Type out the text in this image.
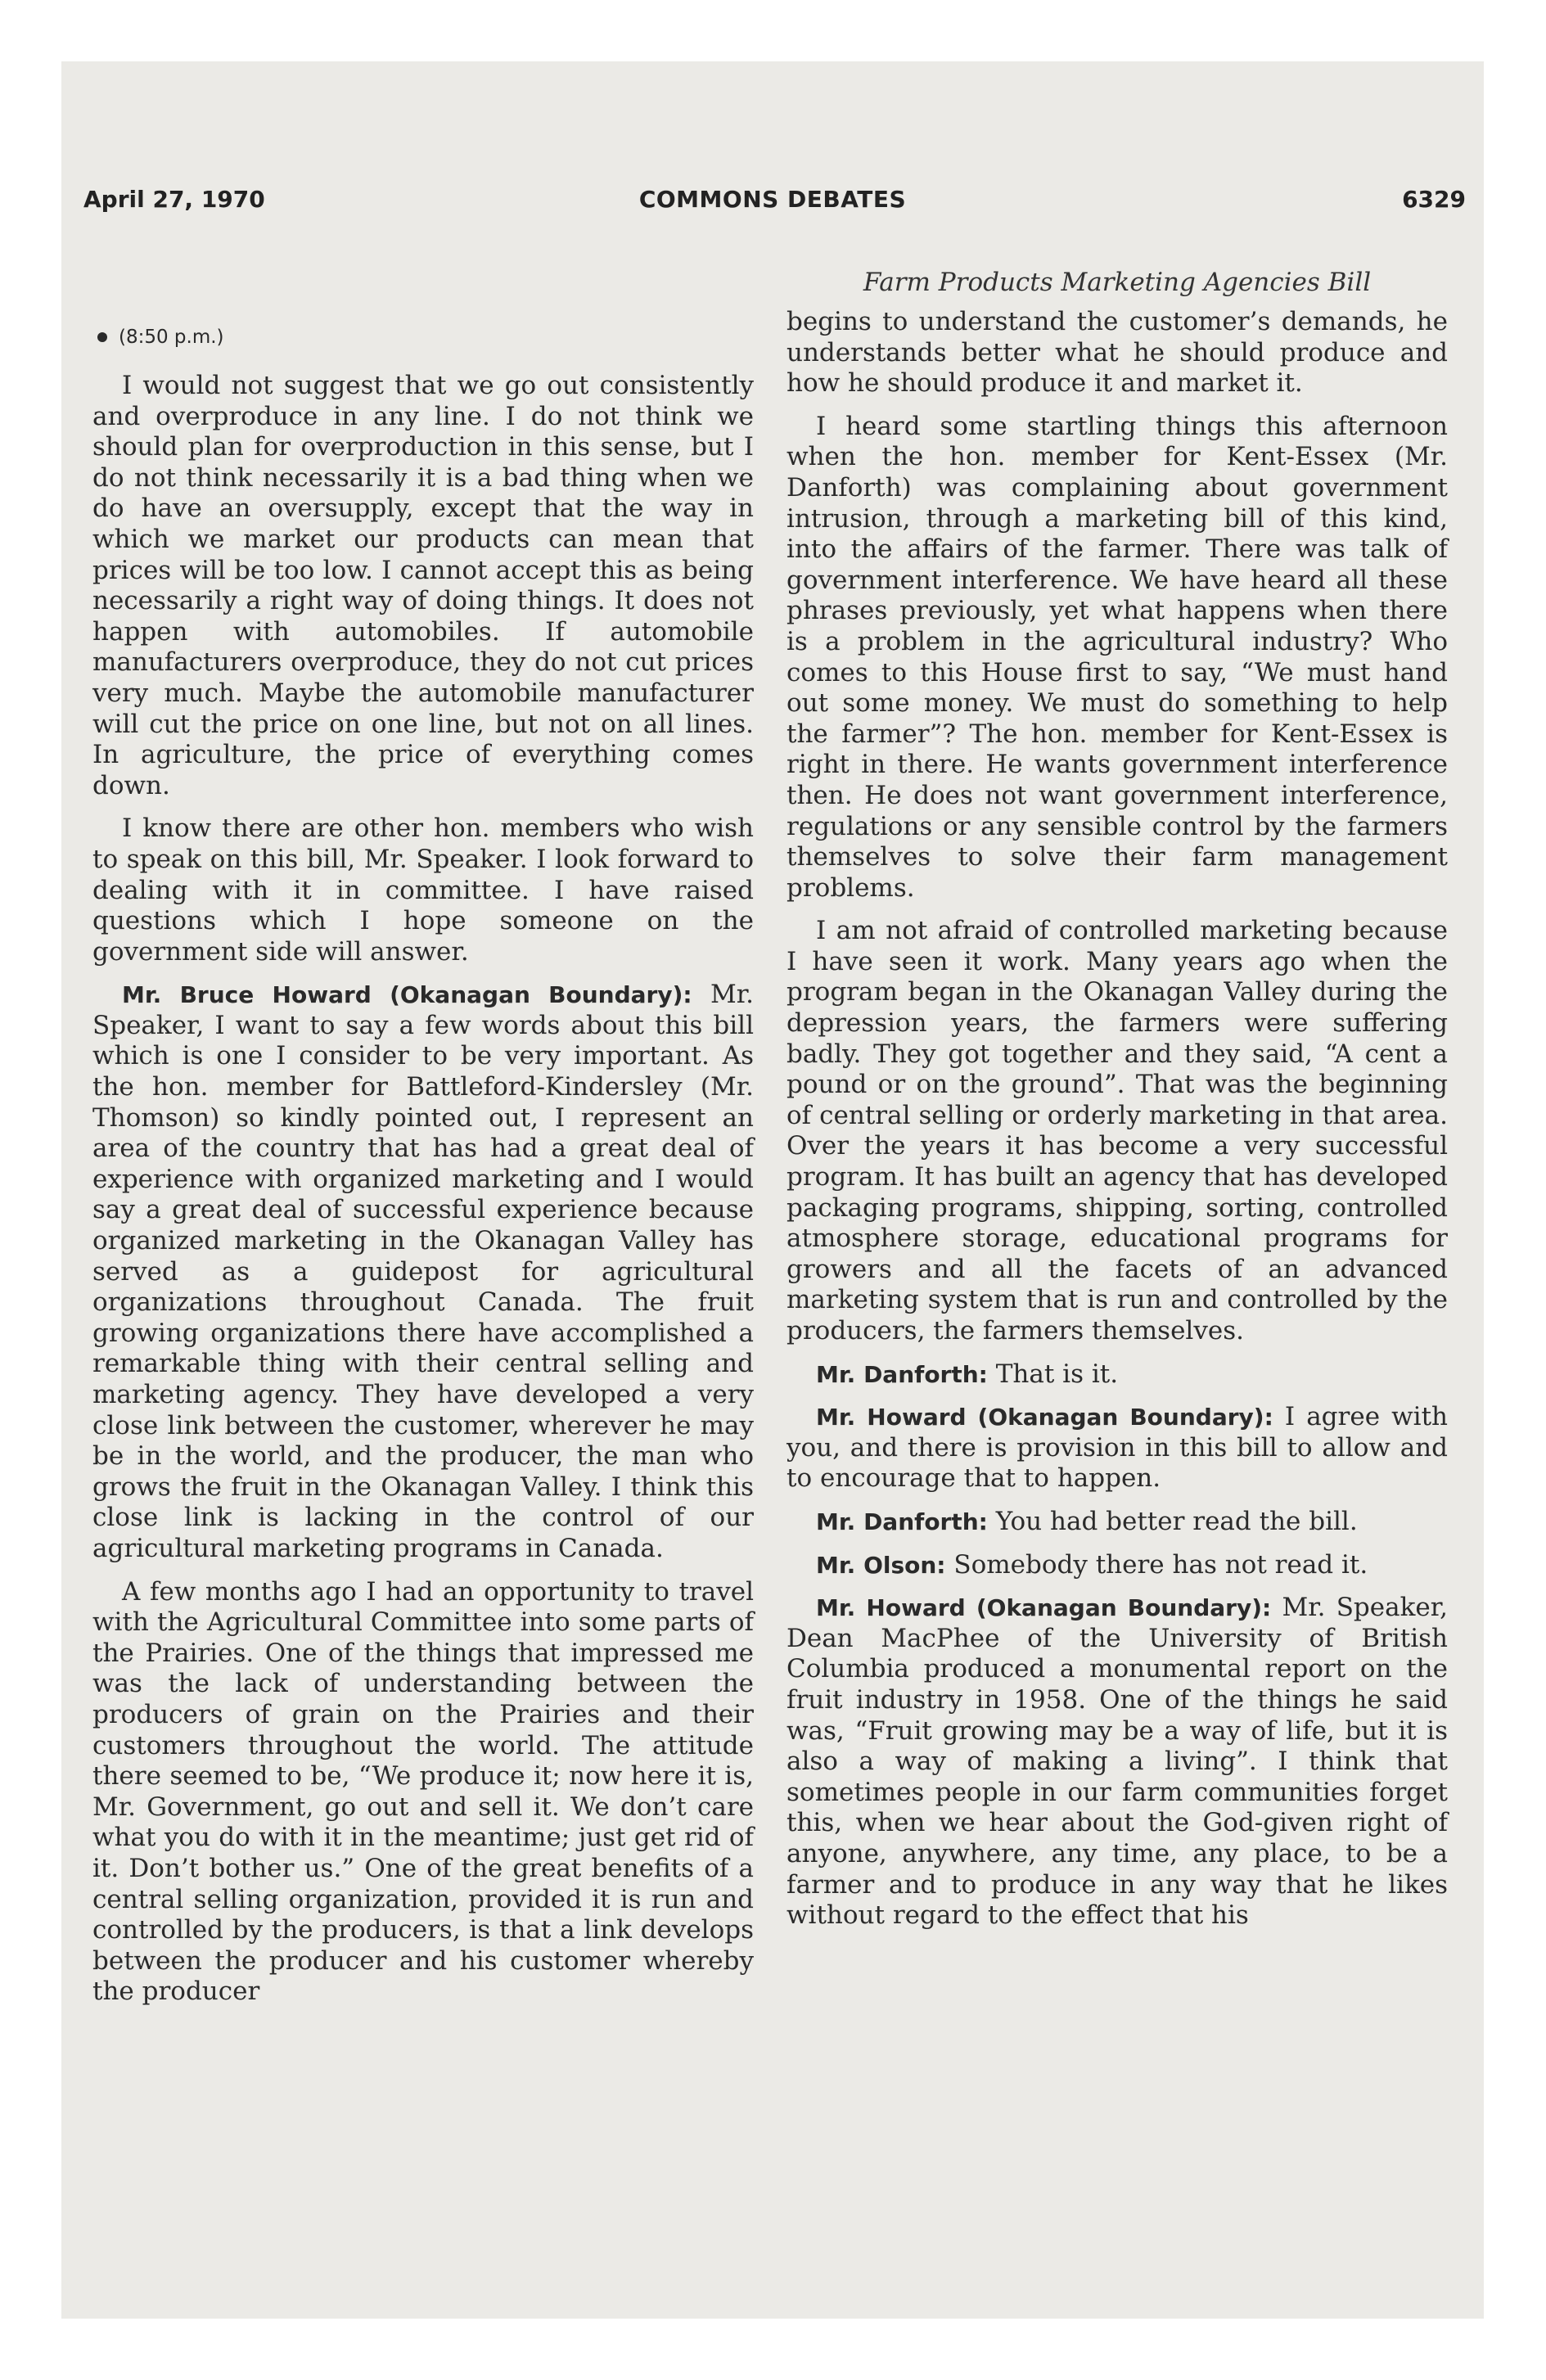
April 27, 1970	COMMONS DEBATES	6329
Farm Products Marketing Agencies Bill
(8:50 p.m.)

I would not suggest that we go out consistently and overproduce in any line. I do not think we should plan for overproduction in this sense, but I do not think necessarily it is a bad thing when we do have an oversupply, except that the way in which we market our products can mean that prices will be too low. I cannot accept this as being necessarily a right way of doing things. It does not happen with automobiles. If automobile manufacturers overproduce, they do not cut prices very much. Maybe the automobile manufacturer will cut the price on one line, but not on all lines. In agriculture, the price of everything comes down.

I know there are other hon. members who wish to speak on this bill, Mr. Speaker. I look forward to dealing with it in committee. I have raised questions which I hope someone on the government side will answer.

Mr. Bruce Howard (Okanagan Boundary): Mr. Speaker, I want to say a few words about this bill which is one I consider to be very important. As the hon. member for Battleford-Kindersley (Mr. Thomson) so kindly pointed out, I represent an area of the country that has had a great deal of experience with organized marketing and I would say a great deal of successful experience because organized marketing in the Okanagan Valley has served as a guidepost for agricultural organizations throughout Canada. The fruit growing organizations there have accomplished a remarkable thing with their central selling and marketing agency. They have developed a very close link between the customer, wherever he may be in the world, and the producer, the man who grows the fruit in the Okanagan Valley. I think this close link is lacking in the control of our agricultural marketing programs in Canada.

A few months ago I had an opportunity to travel with the Agricultural Committee into some parts of the Prairies. One of the things that impressed me was the lack of understanding between the producers of grain on the Prairies and their customers throughout the world. The attitude there seemed to be, “We produce it; now here it is, Mr. Government, go out and sell it. We don’t care what you do with it in the meantime; just get rid of it. Don’t bother us.” One of the great benefits of a central selling organization, provided it is run and controlled by the producers, is that a link develops between the producer and his customer whereby the producer

begins to understand the customer’s demands, he understands better what he should produce and how he should produce it and market it.

I heard some startling things this afternoon when the hon. member for Kent-Essex (Mr. Danforth) was complaining about government intrusion, through a marketing bill of this kind, into the affairs of the farmer. There was talk of government interference. We have heard all these phrases previously, yet what happens when there is a problem in the agricultural industry? Who comes to this House first to say, “We must hand out some money. We must do something to help the farmer”? The hon. member for Kent-Essex is right in there. He wants government interference then. He does not want government interference, regulations or any sensible control by the farmers themselves to solve their farm management problems.

I am not afraid of controlled marketing because I have seen it work. Many years ago when the program began in the Okanagan Valley during the depression years, the farmers were suffering badly. They got together and they said, “A cent a pound or on the ground”. That was the beginning of central selling or orderly marketing in that area. Over the years it has become a very successful program. It has built an agency that has developed packaging programs, shipping, sorting, controlled atmosphere storage, educational programs for growers and all the facets of an advanced marketing system that is run and controlled by the producers, the farmers themselves.

Mr. Danforth: That is it.

Mr. Howard (Okanagan Boundary): I agree with you, and there is provision in this bill to allow and to encourage that to happen.

Mr. Danforth: You had better read the bill.

Mr. Olson: Somebody there has not read it.

Mr. Howard (Okanagan Boundary): Mr. Speaker, Dean MacPhee of the University of British Columbia produced a monumental report on the fruit industry in 1958. One of the things he said was, “Fruit growing may be a way of life, but it is also a way of making a living”. I think that sometimes people in our farm communities forget this, when we hear about the God-given right of anyone, anywhere, any time, any place, to be a farmer and to produce in any way that he likes without regard to the effect that his
